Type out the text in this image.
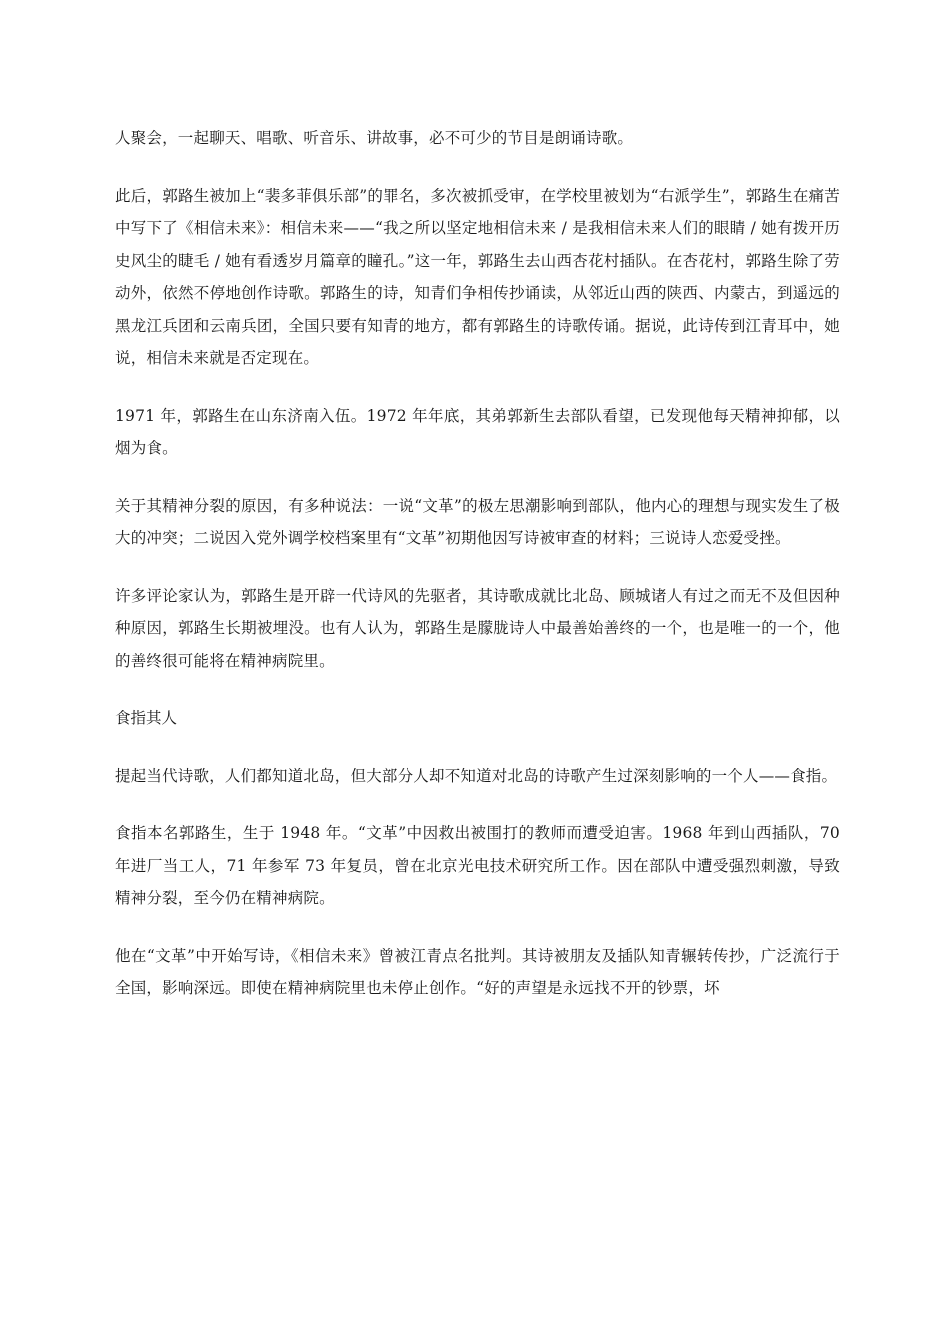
人聚会，一起聊天、唱歌、听音乐、讲故事，必不可少的节目是朗诵诗歌。

此后，郭路生被加上“裴多菲俱乐部”的罪名，多次被抓受审，在学校里被划为“右派学生”，郭路生在痛苦中写下了《相信未来》：相信未来——“我之所以坚定地相信未来 / 是我相信未来人们的眼睛 / 她有拨开历史风尘的睫毛 / 她有看透岁月篇章的瞳孔。”这一年，郭路生去山西杏花村插队。在杏花村，郭路生除了劳动外，依然不停地创作诗歌。郭路生的诗，知青们争相传抄诵读，从邻近山西的陕西、内蒙古，到遥远的黑龙江兵团和云南兵团，全国只要有知青的地方，都有郭路生的诗歌传诵。据说，此诗传到江青耳中，她说，相信未来就是否定现在。

1971 年，郭路生在山东济南入伍。1972 年年底，其弟郭新生去部队看望，已发现他每天精神抑郁，以烟为食。

关于其精神分裂的原因，有多种说法：一说“文革”的极左思潮影响到部队，他内心的理想与现实发生了极大的冲突；二说因入党外调学校档案里有“文革”初期他因写诗被审查的材料；三说诗人恋爱受挫。

许多评论家认为，郭路生是开辟一代诗风的先驱者，其诗歌成就比北岛、顾城诸人有过之而无不及但因种种原因，郭路生长期被埋没。也有人认为，郭路生是朦胧诗人中最善始善终的一个，也是唯一的一个，他的善终很可能将在精神病院里。

食指其人

提起当代诗歌，人们都知道北岛，但大部分人却不知道对北岛的诗歌产生过深刻影响的一个人——食指。

食指本名郭路生，生于 1948 年。“文革”中因救出被围打的教师而遭受迫害。1968 年到山西插队，70 年进厂当工人，71 年参军 73 年复员，曾在北京光电技术研究所工作。因在部队中遭受强烈刺激，导致精神分裂，至今仍在精神病院。

他在“文革”中开始写诗，《相信未来》曾被江青点名批判。其诗被朋友及插队知青辗转传抄，广泛流行于全国，影响深远。即使在精神病院里也未停止创作。“好的声望是永远找不开的钞票，坏
